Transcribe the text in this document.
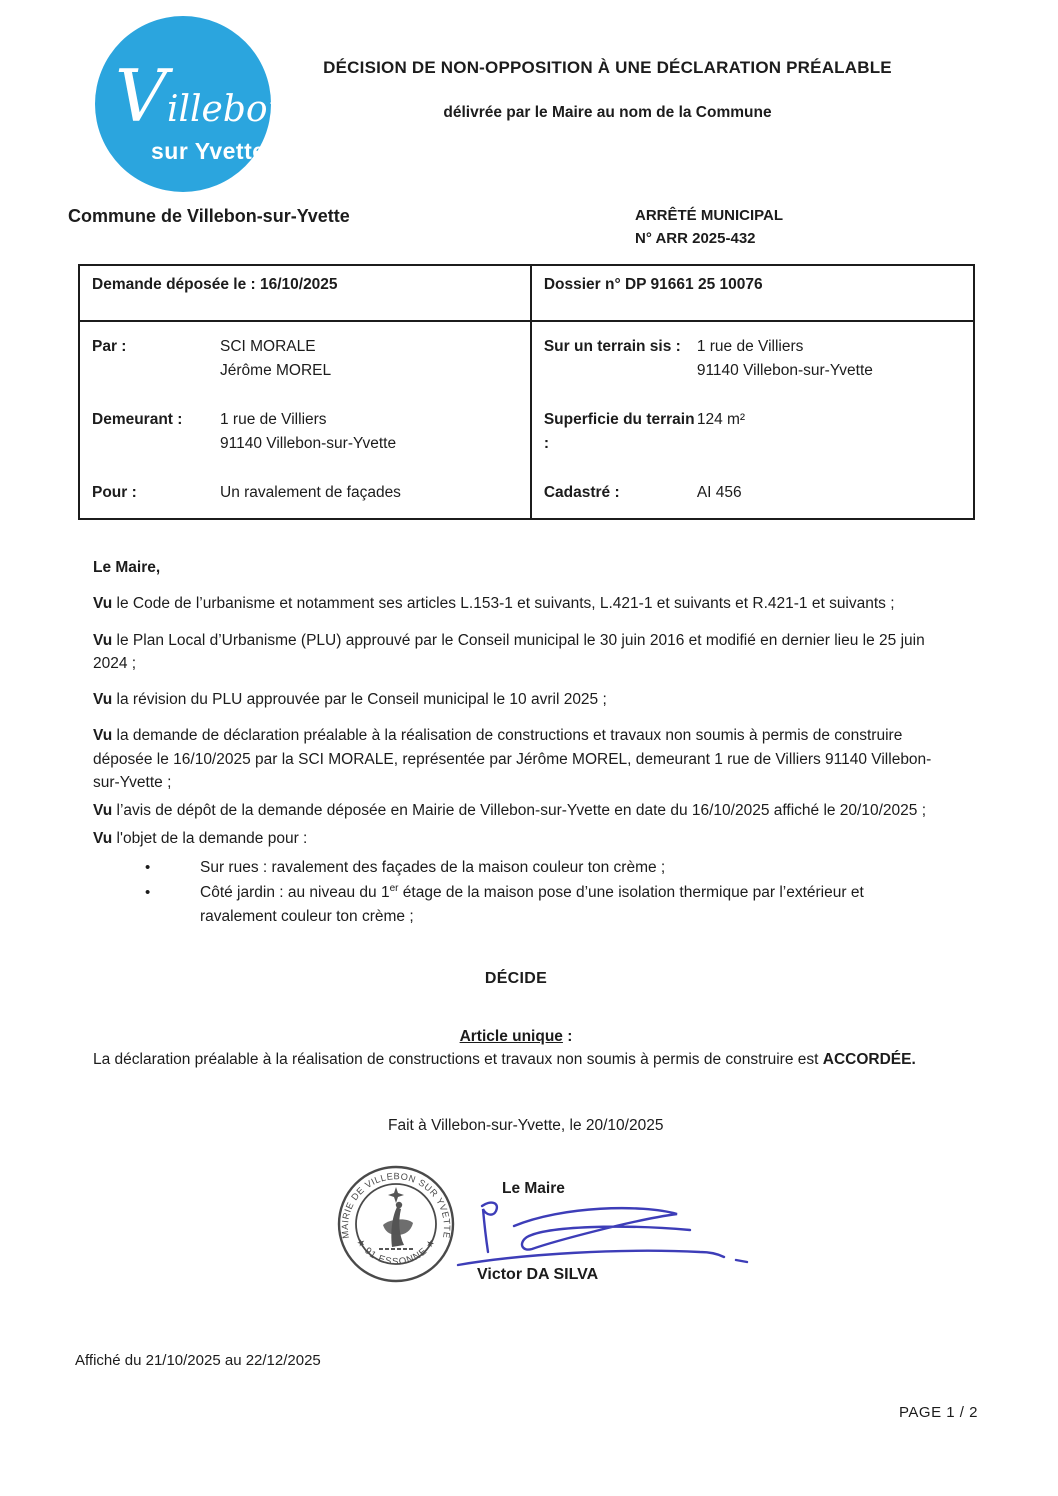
Villebon
sur Yvette
DÉCISION DE NON-OPPOSITION À UNE DÉCLARATION PRÉALABLE
délivrée par le Maire au nom de la Commune
Commune de Villebon-sur-Yvette	ARRÊTÉ MUNICIPAL
N° ARR 2025-432
Demande déposée le : 16/10/2025	Dossier n° DP 91661 25 10076
Par :	SCI MORALE
Jérôme MOREL
Demeurant :	1 rue de Villiers
91140 Villebon-sur-Yvette
Pour :	Un ravalement de façades
Sur un terrain sis :	1 rue de Villiers
91140 Villebon-sur-Yvette
Superficie du terrain :
124 m²
Cadastré :	AI 456

Le Maire,

Vu le Code de l’urbanisme et notamment ses articles L.153-1 et suivants, L.421-1 et suivants et R.421-1 et suivants ;

Vu le Plan Local d’Urbanisme (PLU) approuvé par le Conseil municipal le 30 juin 2016 et modifié en dernier lieu le 25 juin 2024 ;

Vu la révision du PLU approuvée par le Conseil municipal le 10 avril 2025 ;

Vu la demande de déclaration préalable à la réalisation de constructions et travaux non soumis à permis de construire déposée le 16/10/2025 par la SCI MORALE, représentée par Jérôme MOREL, demeurant 1 rue de Villiers 91140 Villebon-sur-Yvette ;

Vu l’avis de dépôt de la demande déposée en Mairie de Villebon-sur-Yvette en date du 16/10/2025 affiché le 20/10/2025 ;

Vu l'objet de la demande pour :

• Sur rues : ravalement des façades de la maison couleur ton crème ;
• Côté jardin : au niveau du 1er étage de la maison pose d’une isolation thermique par l’extérieur et ravalement couleur ton crème ;
DÉCIDE
Article unique :

La déclaration préalable à la réalisation de constructions et travaux non soumis à permis de construire est ACCORDÉE.

Fait à Villebon-sur-Yvette, le 20/10/2025
MAIRIE DE VILLEBON SUR YVETTE
★ 91 ESSONNE ★
Le Maire
Victor DA SILVA
Affiché du 21/10/2025 au 22/12/2025
PAGE 1 / 2
